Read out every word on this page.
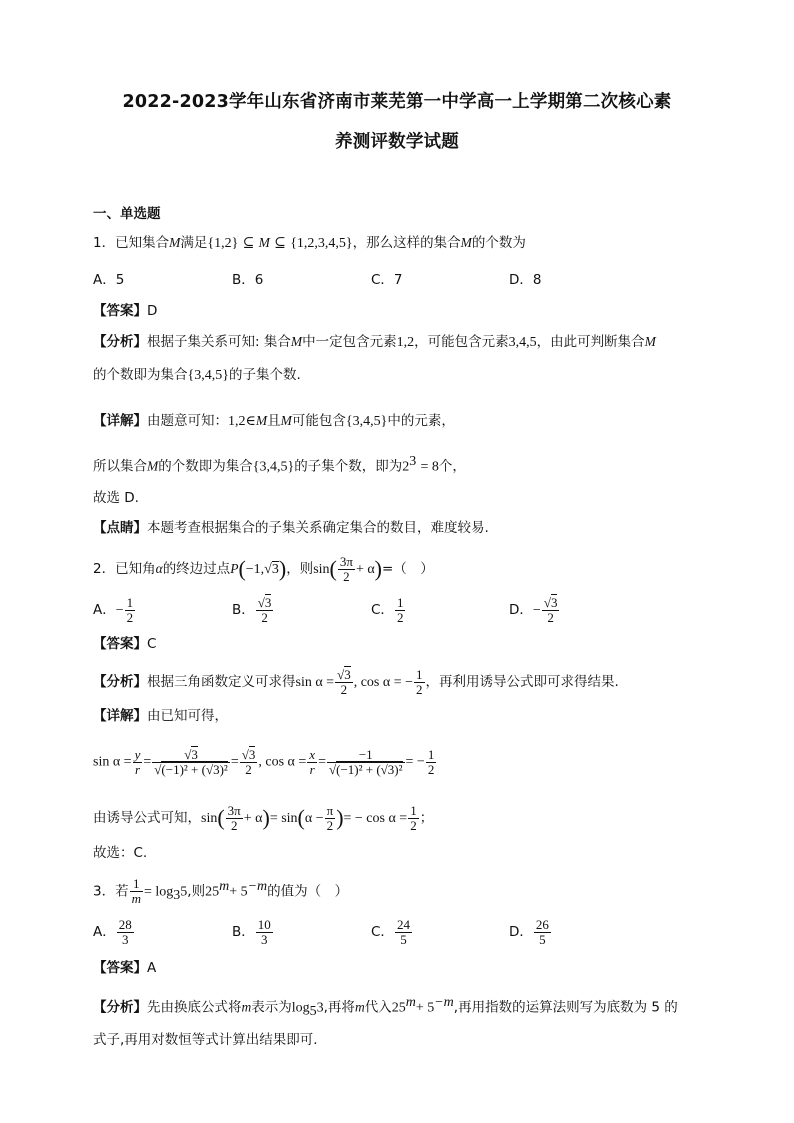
2022-2023学年山东省济南市莱芜第一中学高一上学期第二次核心素
养测评数学试题
一、单选题
1．已知集合M满足{1,2} ⊆ M ⊆ {1,2,3,4,5}，那么这样的集合M的个数为
A．5	B．6	C．7	D．8
【答案】D
【分析】根据子集关系可知: 集合M中一定包含元素1,2，可能包含元素3,4,5，由此可判断集合M
的个数即为集合{3,4,5}的子集个数.
【详解】由题意可知：1,2∈M且M可能包含{3,4,5}中的元素，
所以集合M的个数即为集合{3,4,5}的子集个数，即为$2^3 = 8$个，
故选 D.
【点睛】本题考查根据集合的子集关系确定集合的数目，难度较易.
2．已知角α的终边过点P(−1,√3)，则$\sin( \frac{3\pi}{2} + \alpha)=$（　）
A．− $\frac{1}{2}$	B． $\frac{√3}{2}$	C． $\frac{1}{2}$	D．− $\frac{√3}{2}$
【答案】C
【分析】根据三角函数定义可求得$\sin \alpha = \frac{√3}{2}$ , cos α = − $\frac{1}{2}$ ，再利用诱导公式即可求得结果.
【详解】由已知可得，
$\sin \alpha = \frac{y}{r} = \frac{√3}{\text{√(−1)² + (√3)²}} = \frac{√3}{2}$ , $\cos \alpha = \frac{x}{r} = \frac{-1}{\text{√(−1)² + (√3)²}}$ = − $\frac{1}{2}$
由诱导公式可知，$\sin( \frac{3\pi}{2} + \alpha)= \sin(\alpha - \frac{\pi}{2}$ )= − $\cos \alpha = \frac{1}{2}$ ；
故选：C.
3．若 $\frac{1}{m} = \log_35$,则$25^m+ 5^{-m}$的值为（　）
A． $\frac{28}{3}$	B． $\frac{10}{3}$	C． $\frac{24}{5}$	D． $\frac{26}{5}$
【答案】A
【分析】先由换底公式将m表示为$\log_53$,再将m代入$25^m+ 5^{-m}$,再用指数的运算法则写为底数为 5 的
式子,再用对数恒等式计算出结果即可.
